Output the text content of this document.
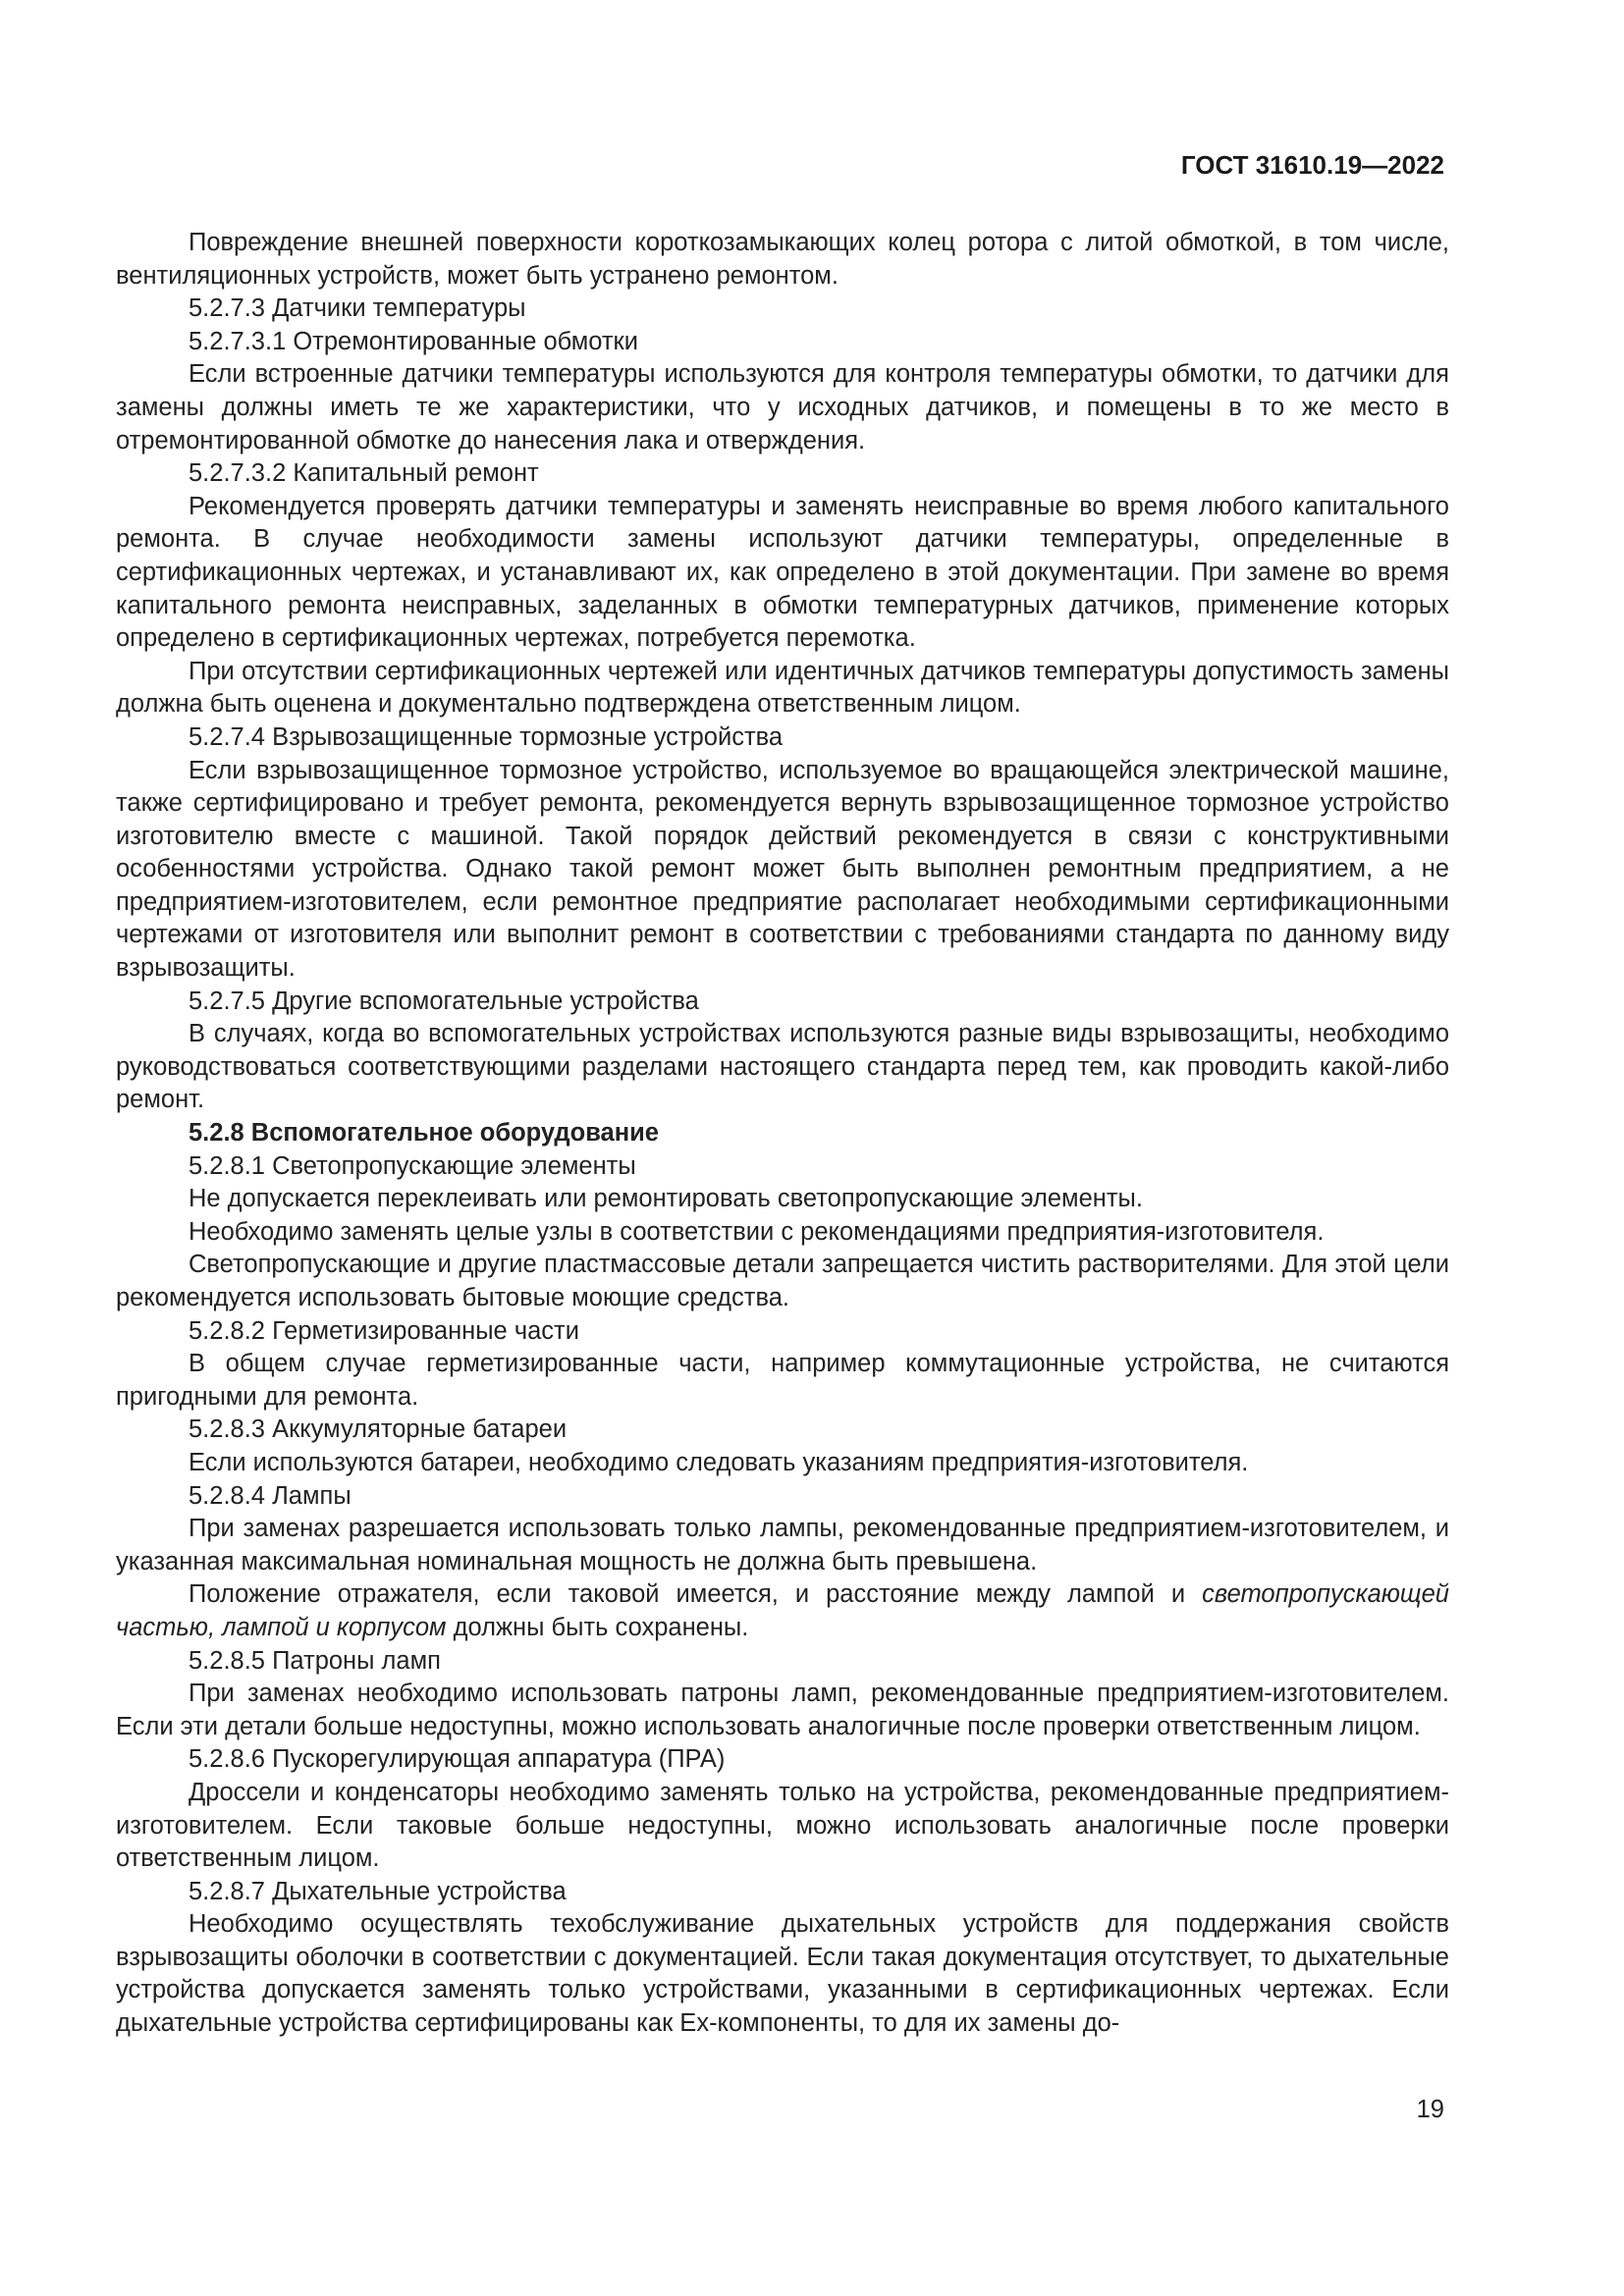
ГОСТ 31610.19—2022

Повреждение внешней поверхности короткозамыкающих колец ротора с литой обмоткой, в том числе, вентиляционных устройств, может быть устранено ремонтом.

5.2.7.3 Датчики температуры

5.2.7.3.1 Отремонтированные обмотки

Если встроенные датчики температуры используются для контроля температуры обмотки, то датчики для замены должны иметь те же характеристики, что у исходных датчиков, и помещены в то же место в отремонтированной обмотке до нанесения лака и отверждения.

5.2.7.3.2 Капитальный ремонт

Рекомендуется проверять датчики температуры и заменять неисправные во время любого капитального ремонта. В случае необходимости замены используют датчики температуры, определенные в сертификационных чертежах, и устанавливают их, как определено в этой документации. При замене во время капитального ремонта неисправных, заделанных в обмотки температурных датчиков, применение которых определено в сертификационных чертежах, потребуется перемотка.

При отсутствии сертификационных чертежей или идентичных датчиков температуры допустимость замены должна быть оценена и документально подтверждена ответственным лицом.

5.2.7.4 Взрывозащищенные тормозные устройства

Если взрывозащищенное тормозное устройство, используемое во вращающейся электрической машине, также сертифицировано и требует ремонта, рекомендуется вернуть взрывозащищенное тормозное устройство изготовителю вместе с машиной. Такой порядок действий рекомендуется в связи с конструктивными особенностями устройства. Однако такой ремонт может быть выполнен ремонтным предприятием, а не предприятием-изготовителем, если ремонтное предприятие располагает необходимыми сертификационными чертежами от изготовителя или выполнит ремонт в соответствии с требованиями стандарта по данному виду взрывозащиты.

5.2.7.5 Другие вспомогательные устройства

В случаях, когда во вспомогательных устройствах используются разные виды взрывозащиты, необходимо руководствоваться соответствующими разделами настоящего стандарта перед тем, как проводить какой-либо ремонт.

5.2.8 Вспомогательное оборудование

5.2.8.1 Светопропускающие элементы

Не допускается переклеивать или ремонтировать светопропускающие элементы.

Необходимо заменять целые узлы в соответствии с рекомендациями предприятия-изготовителя.

Светопропускающие и другие пластмассовые детали запрещается чистить растворителями. Для этой цели рекомендуется использовать бытовые моющие средства.

5.2.8.2 Герметизированные части

В общем случае герметизированные части, например коммутационные устройства, не считаются пригодными для ремонта.

5.2.8.3 Аккумуляторные батареи

Если используются батареи, необходимо следовать указаниям предприятия-изготовителя.

5.2.8.4 Лампы

При заменах разрешается использовать только лампы, рекомендованные предприятием-изготовителем, и указанная максимальная номинальная мощность не должна быть превышена.

Положение отражателя, если таковой имеется, и расстояние между лампой и светопропускающей частью, лампой и корпусом должны быть сохранены.

5.2.8.5 Патроны ламп

При заменах необходимо использовать патроны ламп, рекомендованные предприятием-изготовителем. Если эти детали больше недоступны, можно использовать аналогичные после проверки ответственным лицом.

5.2.8.6 Пускорегулирующая аппаратура (ПРА)

Дроссели и конденсаторы необходимо заменять только на устройства, рекомендованные предприятием-изготовителем. Если таковые больше недоступны, можно использовать аналогичные после проверки ответственным лицом.

5.2.8.7 Дыхательные устройства

Необходимо осуществлять техобслуживание дыхательных устройств для поддержания свойств взрывозащиты оболочки в соответствии с документацией. Если такая документация отсутствует, то дыхательные устройства допускается заменять только устройствами, указанными в сертификационных чертежах. Если дыхательные устройства сертифицированы как Ex-компоненты, то для их замены до-

19
